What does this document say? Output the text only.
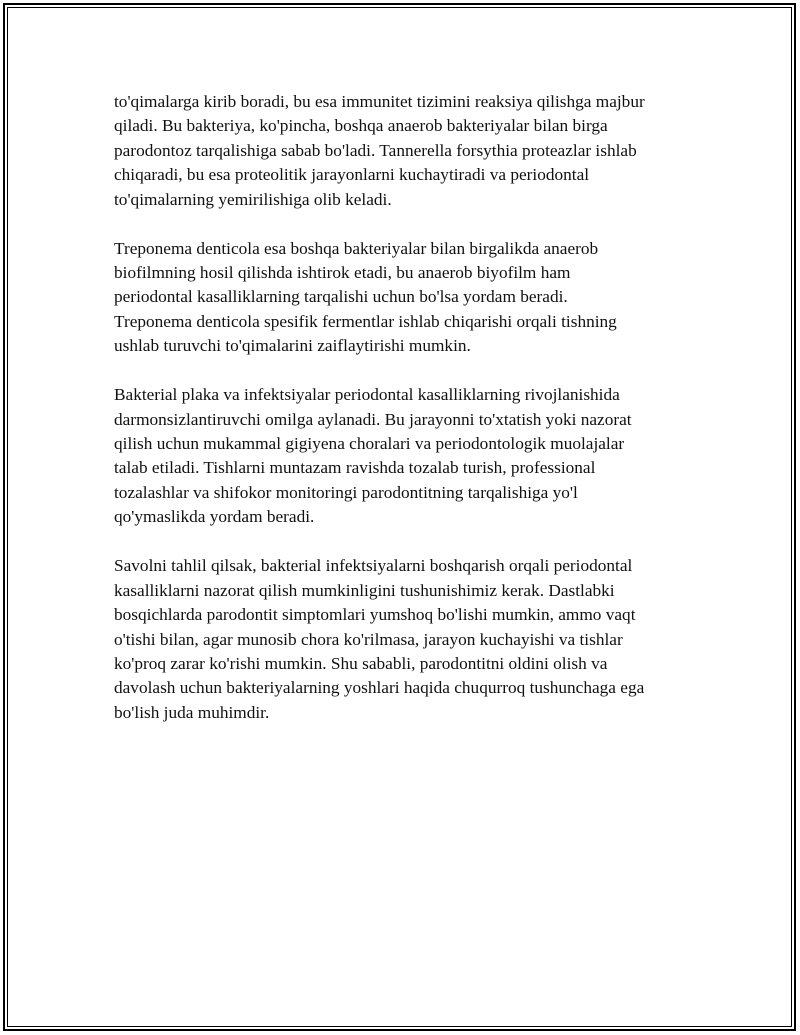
to'qimalarga kirib boradi, bu esa immunitet tizimini reaksiya qilishga majbur
qiladi. Bu bakteriya, ko'pincha, boshqa anaerob bakteriyalar bilan birga
parodontoz tarqalishiga sabab bo'ladi. Tannerella forsythia proteazlar ishlab
chiqaradi, bu esa proteolitik jarayonlarni kuchaytiradi va periodontal
to'qimalarning yemirilishiga olib keladi.

Treponema denticola esa boshqa bakteriyalar bilan birgalikda anaerob
biofilmning hosil qilishda ishtirok etadi, bu anaerob biyofilm ham
periodontal kasalliklarning tarqalishi uchun bo'lsa yordam beradi.
Treponema denticola spesifik fermentlar ishlab chiqarishi orqali tishning
ushlab turuvchi to'qimalarini zaiflaytirishi mumkin.

Bakterial plaka va infektsiyalar periodontal kasalliklarning rivojlanishida
darmonsizlantiruvchi omilga aylanadi. Bu jarayonni to'xtatish yoki nazorat
qilish uchun mukammal gigiyena choralari va periodontologik muolajalar
talab etiladi. Tishlarni muntazam ravishda tozalab turish, professional
tozalashlar va shifokor monitoringi parodontitning tarqalishiga yo'l
qo'ymaslikda yordam beradi.

Savolni tahlil qilsak, bakterial infektsiyalarni boshqarish orqali periodontal
kasalliklarni nazorat qilish mumkinligini tushunishimiz kerak. Dastlabki
bosqichlarda parodontit simptomlari yumshoq bo'lishi mumkin, ammo vaqt
o'tishi bilan, agar munosib chora ko'rilmasa, jarayon kuchayishi va tishlar
ko'proq zarar ko'rishi mumkin. Shu sababli, parodontitni oldini olish va
davolash uchun bakteriyalarning yoshlari haqida chuqurroq tushunchaga ega
bo'lish juda muhimdir.
